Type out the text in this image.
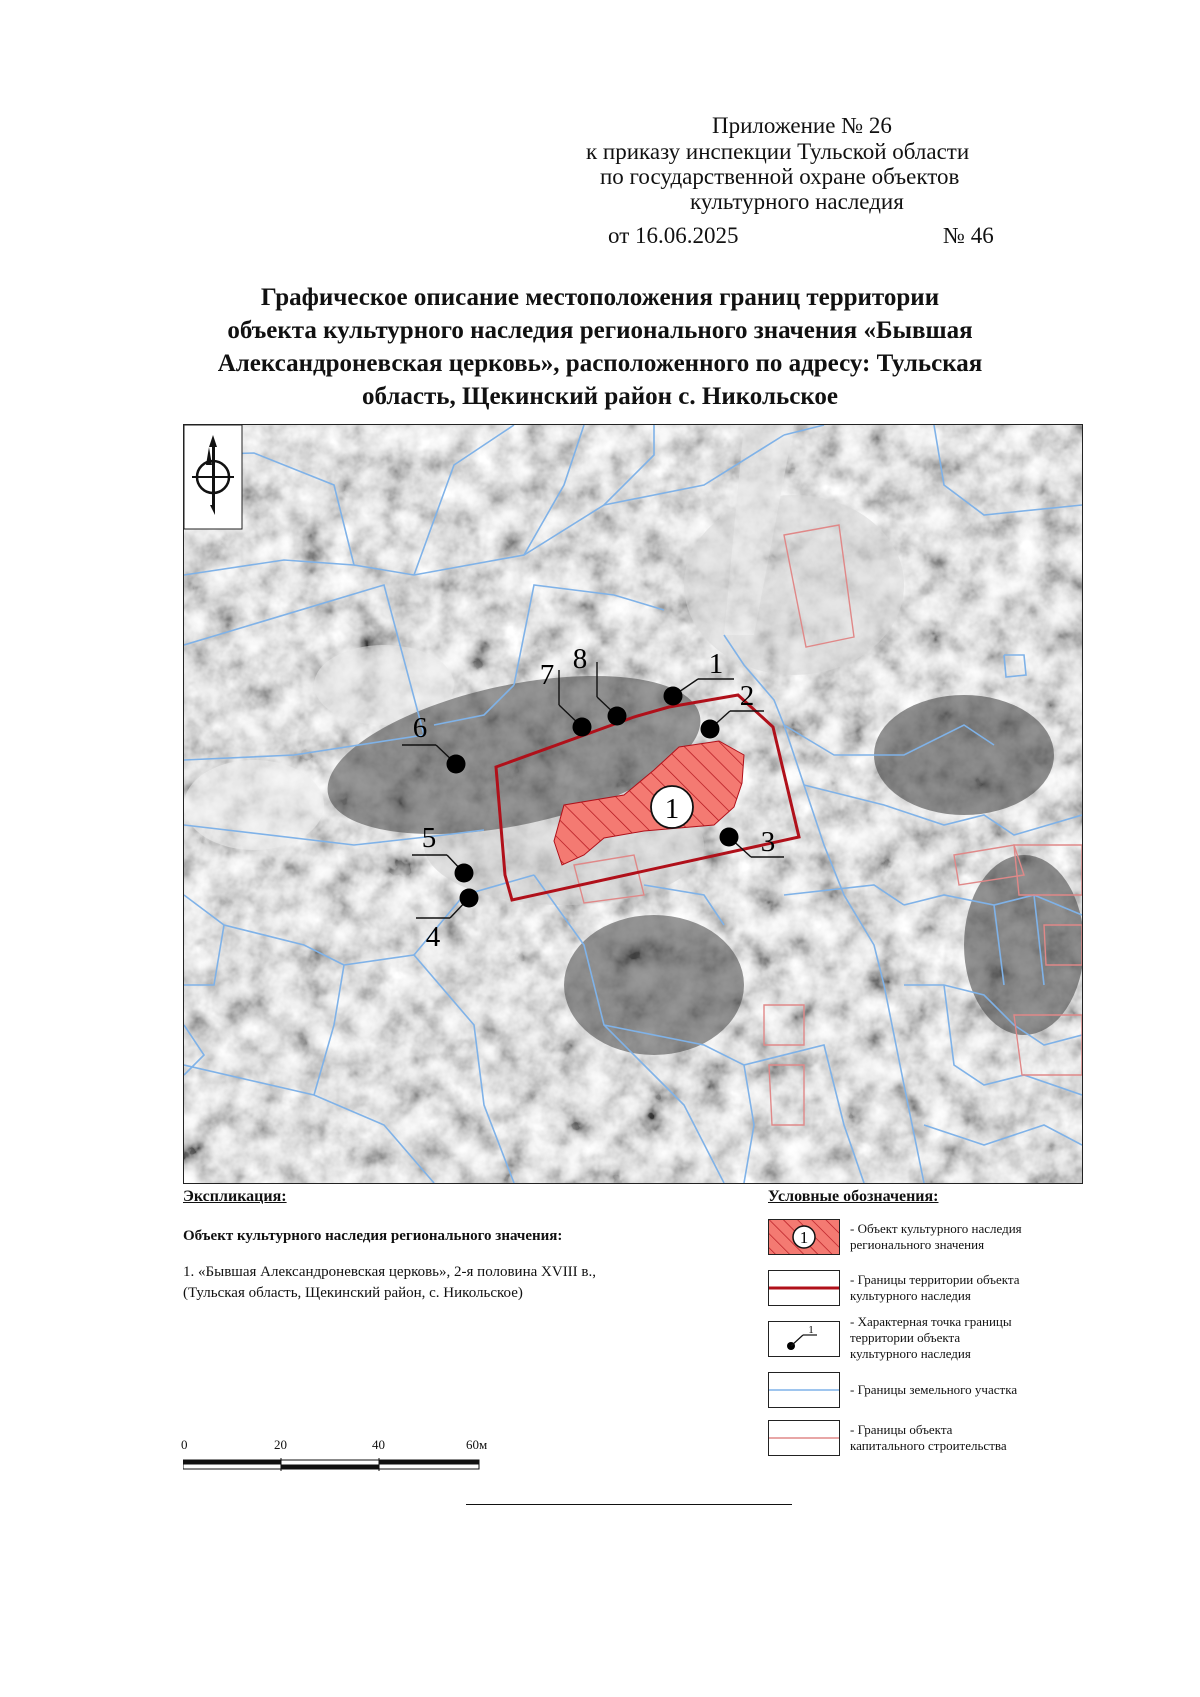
Приложение № 26
к приказу инспекции Тульской области
по государственной охране объектов
культурного наследия
от 16.06.2025	№ 46
Графическое описание местоположения границ территории
объекта культурного наследия регионального значения «Бывшая
Александроневская церковь», расположенного по адресу: Тульская
область, Щекинский район с. Никольское
1
1
2
3
4
5
6
7 8
Экспликация:
Объект культурного наследия регионального значения:
1. «Бывшая Александроневская церковь», 2-я половина XVIII в.,
(Тульская область, Щекинский район, с. Никольское)
Условные обозначения:
1	- Объект культурного наследия
регионального значения
- Границы территории объекта
культурного наследия
1
- Характерная точка границы
территории объекта
культурного наследия
- Границы земельного участка
- Границы объекта
капитального строительства
0	20	40	60м
